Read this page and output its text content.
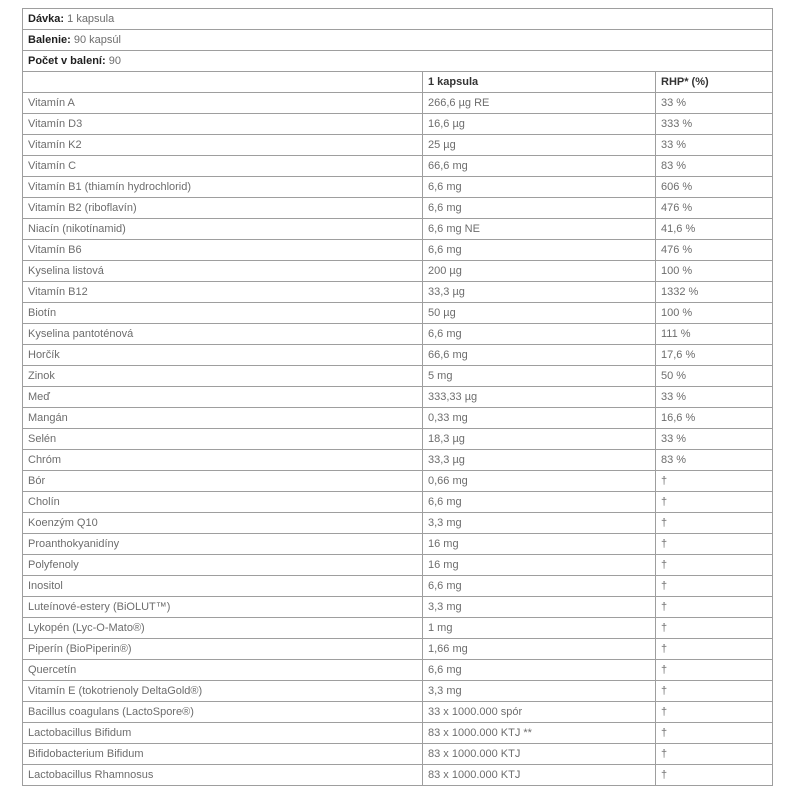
Dávka: 1 kapsula		
Balenie: 90 kapsúl		
Počet v balení: 90		
	1 kapsula	RHP* (%)
Vitamín A	266,6 µg RE	33 %
Vitamín D3	16,6 µg	333 %
Vitamín K2	25 µg	33 %
Vitamín C	66,6 mg	83 %
Vitamín B1 (thiamín hydrochlorid)	6,6 mg	606 %
Vitamín B2 (riboflavín)	6,6 mg	476 %
Niacín (nikotínamid)	6,6 mg NE	41,6 %
Vitamín B6	6,6 mg	476 %
Kyselina listová	200 µg	100 %
Vitamín B12	33,3 µg	1332 %
Biotín	50 µg	100 %
Kyselina pantoténová	6,6 mg	111 %
Horčík	66,6 mg	17,6 %
Zinok	5 mg	50 %
Meď	333,33 µg	33 %
Mangán	0,33 mg	16,6 %
Selén	18,3 µg	33 %
Chróm	33,3 µg	83 %
Bór	0,66 mg	†
Cholín	6,6 mg	†
Koenzým Q10	3,3 mg	†
Proanthokyanidíny	16 mg	†
Polyfenoly	16 mg	†
Inositol	6,6 mg	†
Luteínové-estery (BiOLUT™)	3,3 mg	†
Lykopén (Lyc-O-Mato®)	1 mg	†
Piperín (BioPiperin®)	1,66 mg	†
Quercetín	6,6 mg	†
Vitamín E (tokotrienoly DeltaGold®)	3,3 mg	†
Bacillus coagulans (LactoSpore®)	33 x 1000.000 spór	†
Lactobacillus Bifidum	83 x 1000.000 KTJ **	†
Bifidobacterium Bifidum	83 x 1000.000 KTJ	†
Lactobacillus Rhamnosus	83 x 1000.000 KTJ	†
